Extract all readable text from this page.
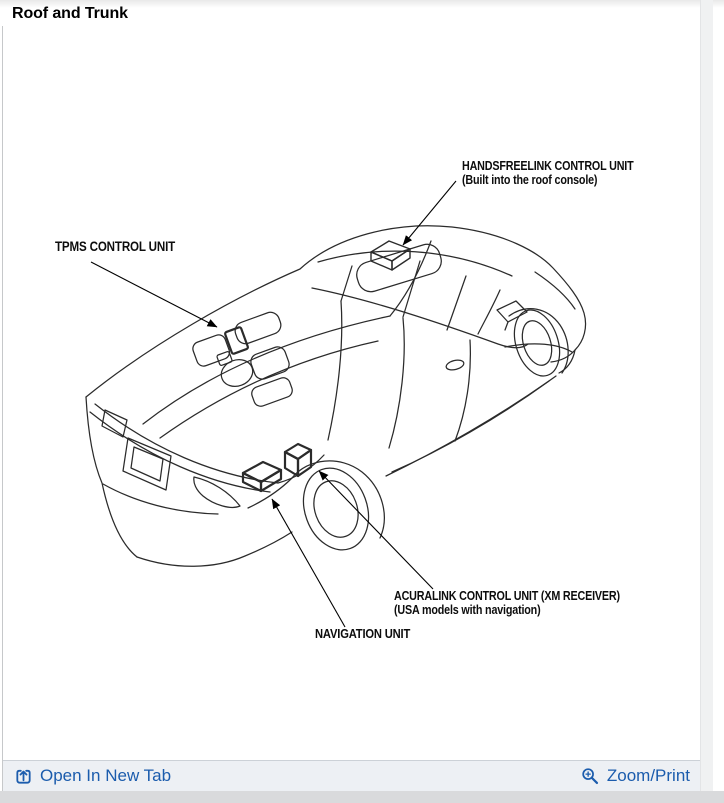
Roof and Trunk
HANDSFREELINK CONTROL UNIT
(Built into the roof console)
TPMS CONTROL UNIT
ACURALINK CONTROL UNIT (XM RECEIVER)
(USA models with navigation)
NAVIGATION UNIT
Open In New Tab	Zoom/Print
